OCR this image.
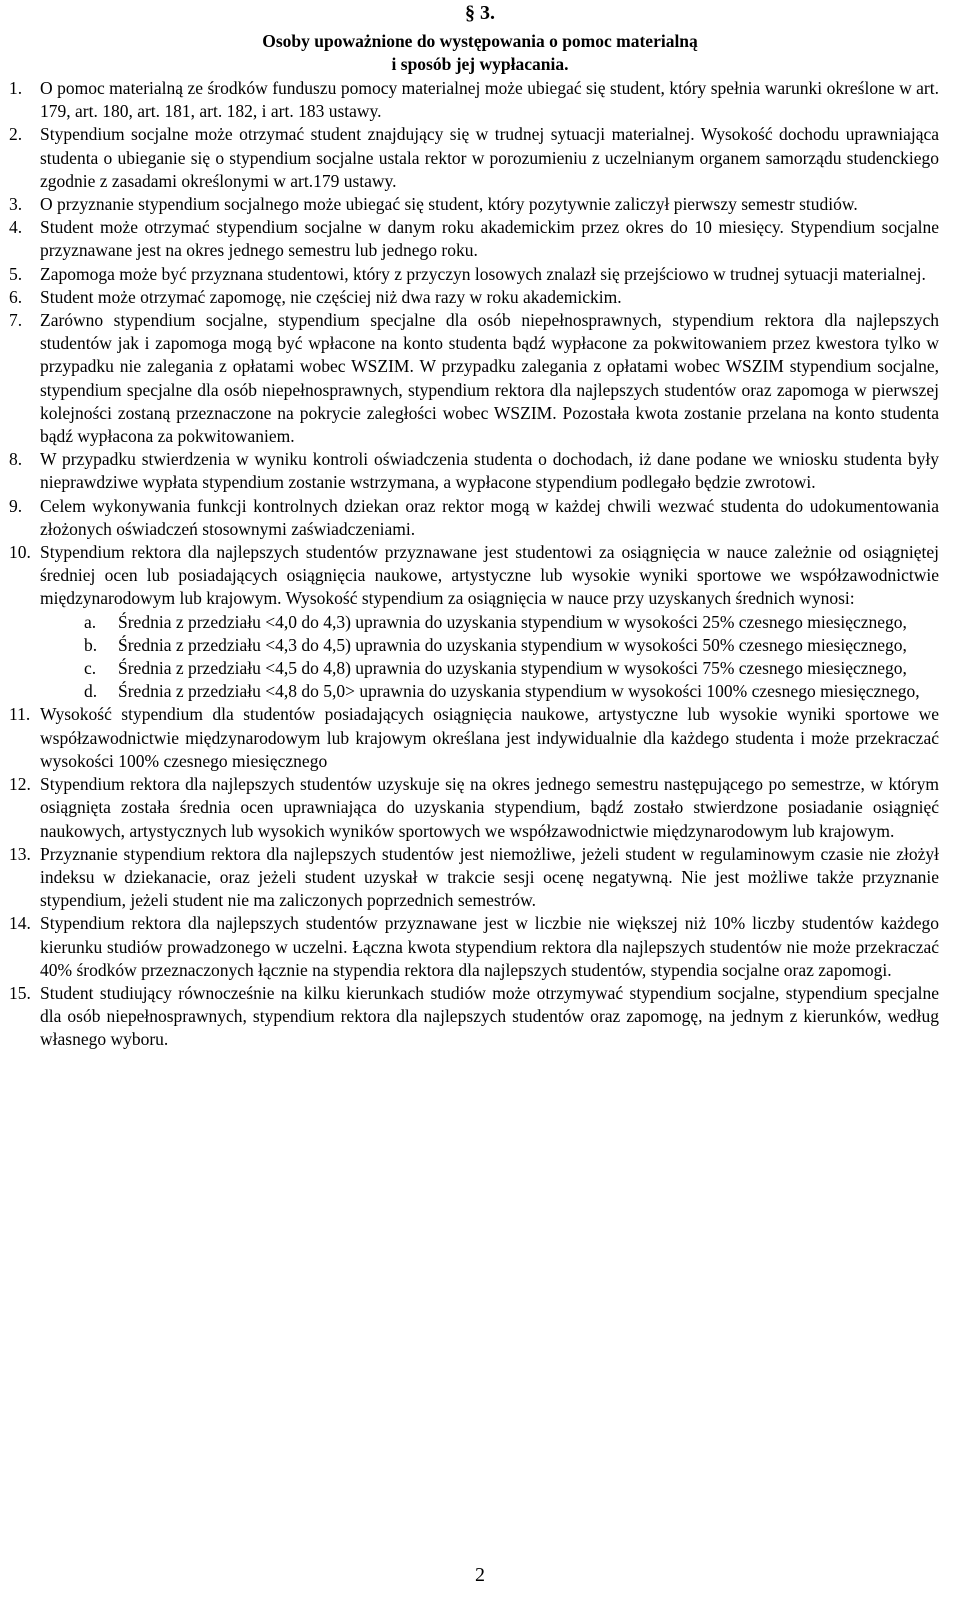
§ 3.
Osoby upoważnione do występowania o pomoc materialną
i sposób jej wypłacania.
1.	O pomoc materialną ze środków funduszu pomocy materialnej może ubiegać się student, który spełnia warunki określone w art. 179, art. 180, art. 181, art. 182, i art. 183 ustawy.
2.	Stypendium socjalne może otrzymać student znajdujący się w trudnej sytuacji materialnej. Wysokość dochodu uprawniająca studenta o ubieganie się o stypendium socjalne ustala rektor w porozumieniu z uczelnianym organem samorządu studenckiego zgodnie z zasadami określonymi w art.179 ustawy.
3.	O przyznanie stypendium socjalnego może ubiegać się student, który pozytywnie zaliczył pierwszy semestr studiów.
4.	Student może otrzymać stypendium socjalne w danym roku akademickim przez okres do 10 miesięcy. Stypendium socjalne przyznawane jest na okres jednego semestru lub jednego roku.
5.	Zapomoga może być przyznana studentowi, który z przyczyn losowych znalazł się przejściowo w trudnej sytuacji materialnej.
6.	Student może otrzymać zapomogę, nie częściej niż dwa razy w roku akademickim.
7.	Zarówno stypendium socjalne, stypendium specjalne dla osób niepełnosprawnych, stypendium rektora dla najlepszych studentów jak i zapomoga mogą być wpłacone na konto studenta bądź wypłacone za pokwitowaniem przez kwestora tylko w przypadku nie zalegania z opłatami wobec WSZIM. W przypadku zalegania z opłatami wobec WSZIM stypendium socjalne, stypendium specjalne dla osób niepełnosprawnych, stypendium rektora dla najlepszych studentów oraz zapomoga w pierwszej kolejności zostaną przeznaczone na pokrycie zaległości wobec WSZIM. Pozostała kwota zostanie przelana na konto studenta bądź wypłacona za pokwitowaniem.
8.	W przypadku stwierdzenia w wyniku kontroli oświadczenia studenta o dochodach, iż dane podane we wniosku studenta były nieprawdziwe wypłata stypendium zostanie wstrzymana, a wypłacone stypendium podlegało będzie zwrotowi.
9.	Celem wykonywania funkcji kontrolnych dziekan oraz rektor mogą w każdej chwili wezwać studenta do udokumentowania złożonych oświadczeń stosownymi zaświadczeniami.
10. Stypendium rektora dla najlepszych studentów przyznawane jest studentowi za osiągnięcia w nauce zależnie od osiągniętej średniej ocen lub posiadających osiągnięcia naukowe, artystyczne lub wysokie wyniki sportowe we współzawodnictwie międzynarodowym lub krajowym. Wysokość stypendium za osiągnięcia w nauce przy uzyskanych średnich wynosi:
a.	Średnia z przedziału <4,0 do 4,3) uprawnia do uzyskania stypendium w wysokości 25% czesnego miesięcznego,
b.	Średnia z przedziału <4,3 do 4,5) uprawnia do uzyskania stypendium w wysokości 50% czesnego miesięcznego,
c.	Średnia z przedziału <4,5 do 4,8) uprawnia do uzyskania stypendium w wysokości 75% czesnego miesięcznego,
d.	Średnia z przedziału <4,8 do 5,0> uprawnia do uzyskania stypendium w wysokości 100% czesnego miesięcznego,
11. Wysokość stypendium dla studentów posiadających osiągnięcia naukowe, artystyczne lub wysokie wyniki sportowe we współzawodnictwie międzynarodowym lub krajowym określana jest indywidualnie dla każdego studenta i może przekraczać wysokości 100% czesnego miesięcznego
12. Stypendium rektora dla najlepszych studentów uzyskuje się na okres jednego semestru następującego po semestrze, w którym osiągnięta została średnia ocen uprawniająca do uzyskania stypendium, bądź zostało stwierdzone posiadanie osiągnięć naukowych, artystycznych lub wysokich wyników sportowych we współzawodnictwie międzynarodowym lub krajowym.
13. Przyznanie stypendium rektora dla najlepszych studentów jest niemożliwe, jeżeli student w regulaminowym czasie nie złożył indeksu w dziekanacie, oraz jeżeli student uzyskał w trakcie sesji ocenę negatywną. Nie jest możliwe także przyznanie stypendium, jeżeli student nie ma zaliczonych poprzednich semestrów.
14. Stypendium rektora dla najlepszych studentów przyznawane jest w liczbie nie większej niż 10% liczby studentów każdego kierunku studiów prowadzonego w uczelni. Łączna kwota stypendium rektora dla najlepszych studentów nie może przekraczać 40% środków przeznaczonych łącznie na stypendia rektora dla najlepszych studentów, stypendia socjalne oraz zapomogi.
15. Student studiujący równocześnie na kilku kierunkach studiów może otrzymywać stypendium socjalne, stypendium specjalne dla osób niepełnosprawnych, stypendium rektora dla najlepszych studentów oraz zapomogę, na jednym z kierunków, według własnego wyboru.
2
